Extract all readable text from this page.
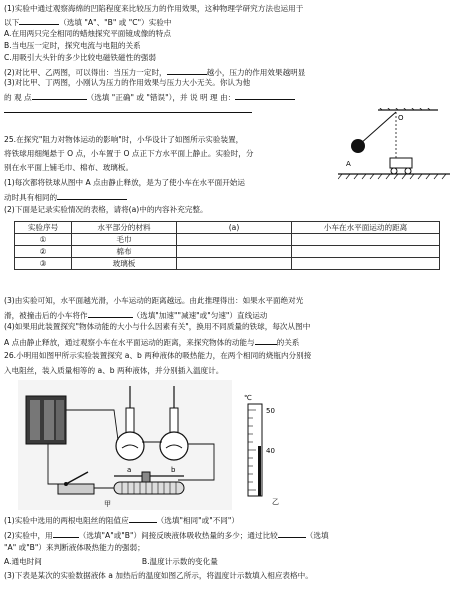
(1)实验中通过观察海绵的凹陷程度来比较压力的作用效果，这种物理学研究方法也运用于
以下	（选填 "A"、"B" 或 "C"）实验中
A.在用两只完全相同的蜡烛探究平面镜成像的特点
B.当电压一定时，探究电流与电阻的关系
C.用吸引大头针的多少比较电磁铁磁性的强弱
(2)对比甲、乙两图，可以得出：当压力一定时，	越小，压力的作用效果越明显
(3)对比甲、丁两图，小刚认为压力的作用效果与压力大小无关。你认为他
的 观 点	（选填 "正确" 或 "错误"），并 说 明 理 由：
25.在探究"阻力对物体运动的影响"时，小华设计了如图所示实验装置，
将铁球用细绳悬于 O 点，小车置于 O 点正下方水平面上静止。实验时，分
别在水平面上铺毛巾、棉布、玻璃板。
(1)每次都将铁球从图中 A 点由静止释放，是为了使小车在水平面开始运
动时具有相同的
(2)下面是记录实验情况的表格，请将(a)中的内容补充完整。
实验序号	水平部分的材料	(a)	小车在水平面运动的距离
①	毛巾		
②	棉布		
③	玻璃板		
(3)由实验可知，水平面越光滑，小车运动的距离越远。由此推理得出：如果水平面绝对光
滑，被撞击后的小车将作	（选填"加速""减速"或"匀速"）直线运动
(4)如果用此装置探究"物体动能的大小与什么因素有关"，换用不同质量的铁球，每次从图中
A 点由静止释放，通过观察小车在水平面运动的距离，来探究物体的动能与	的关系
26.小明用如图甲所示实验装置探究 a、b 两种液体的吸热能力，在两个相同的烧瓶内分别接
入电阻丝，装入质量相等的 a、b 两种液体，并分别插入温度计。
(1)实验中选用的两根电阻丝的阻值应	（选填"相同"或"不同"）
(2)实验中，用	（选填"A"或"B"）间接反映液体吸收热量的多少；通过比较	（选填
"A" 或"B"）来判断液体吸热能力的强弱；
A.通电时间	B.温度计示数的变化量
(3)下表是某次的实验数据液体 a 加热后的温度如图乙所示，将温度计示数填入相应表格中。
O
A
a	b
甲
℃
50
40
乙
